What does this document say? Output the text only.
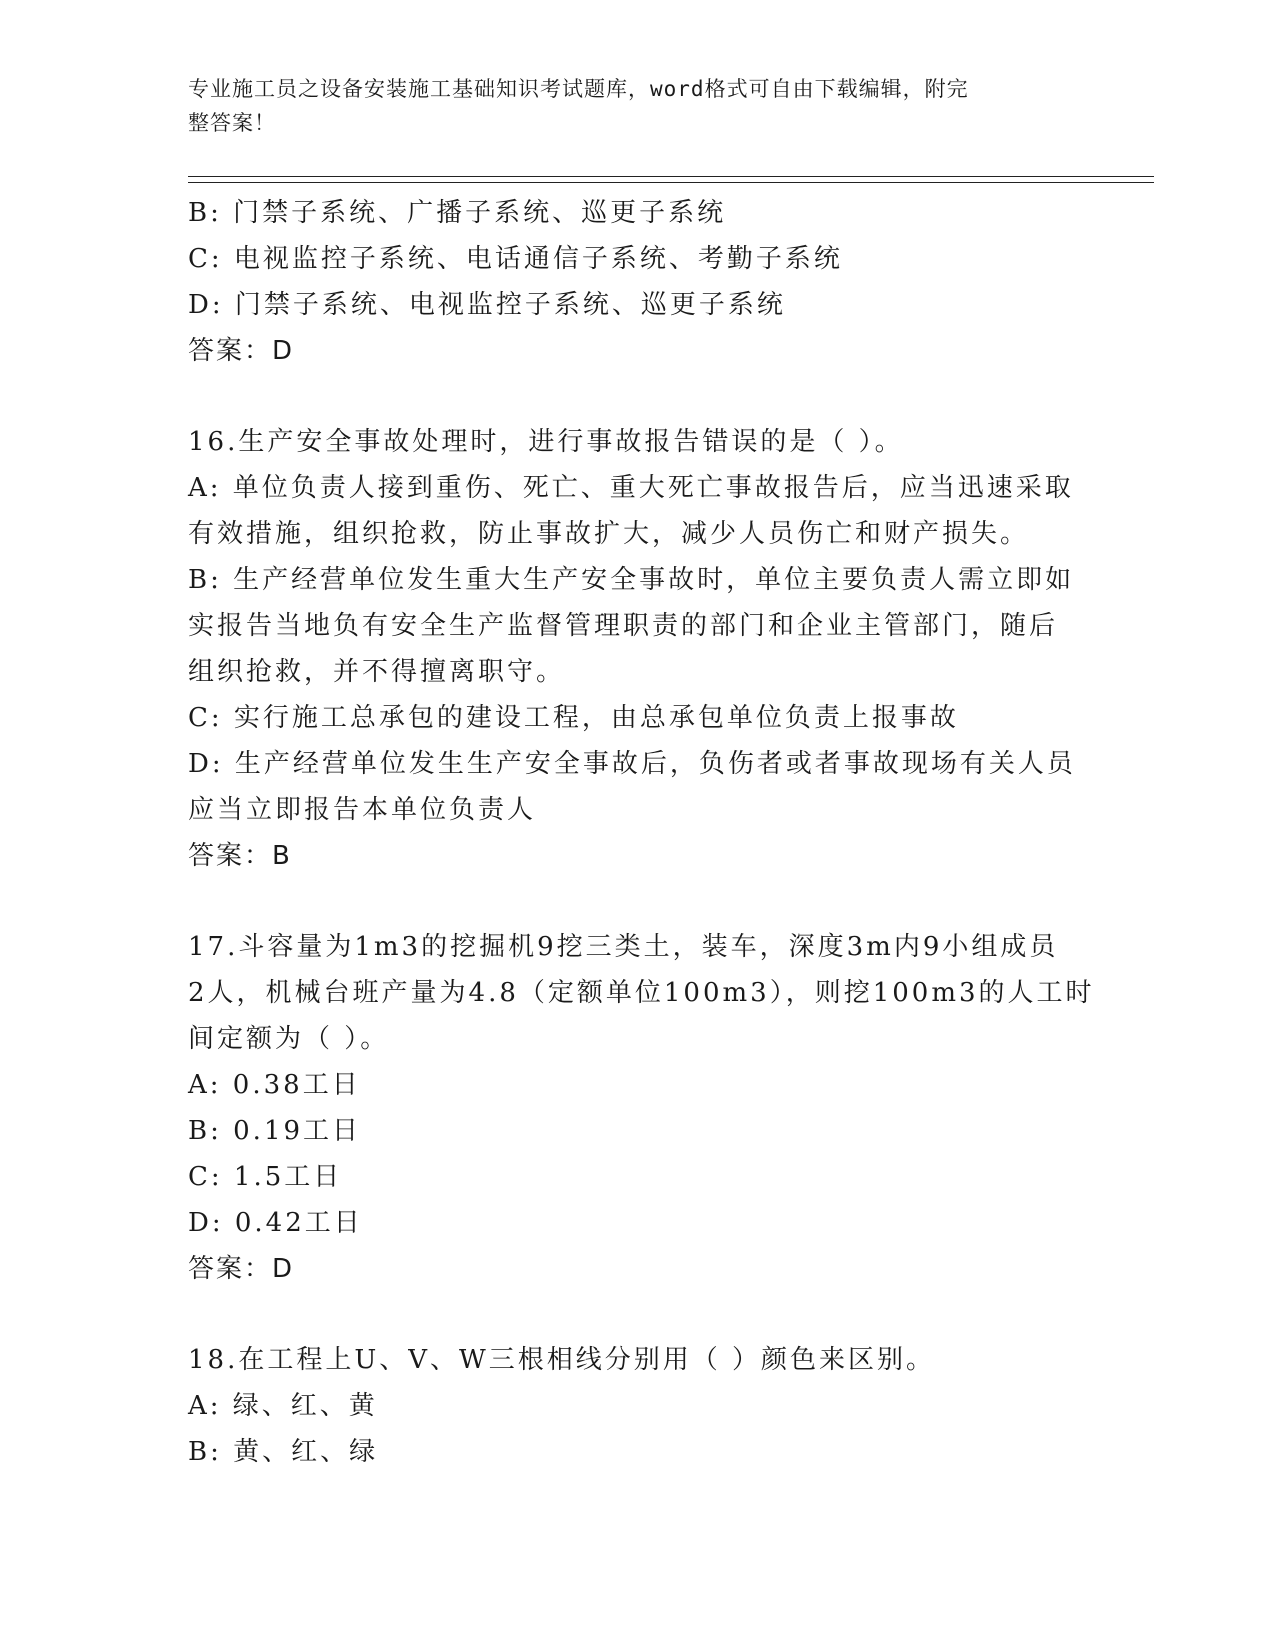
专业施工员之设备安装施工基础知识考试题库，word格式可自由下载编辑，附完
整答案！
B: 门禁子系统、广播子系统、巡更子系统
C: 电视监控子系统、电话通信子系统、考勤子系统
D: 门禁子系统、电视监控子系统、巡更子系统
答案：D
16.生产安全事故处理时，进行事故报告错误的是（ ）。
A: 单位负责人接到重伤、死亡、重大死亡事故报告后，应当迅速采取
有效措施，组织抢救，防止事故扩大，减少人员伤亡和财产损失。
B: 生产经营单位发生重大生产安全事故时，单位主要负责人需立即如
实报告当地负有安全生产监督管理职责的部门和企业主管部门，随后
组织抢救，并不得擅离职守。
C: 实行施工总承包的建设工程，由总承包单位负责上报事故
D: 生产经营单位发生生产安全事故后，负伤者或者事故现场有关人员
应当立即报告本单位负责人
答案：B
17.斗容量为1m3的挖掘机9挖三类土，装车，深度3m内9小组成员
2人，机械台班产量为4.8（定额单位100m3），则挖100m3的人工时
间定额为（ ）。
A: 0.38工日
B: 0.19工日
C: 1.5工日
D: 0.42工日
答案：D
18.在工程上U、V、W三根相线分别用（ ）颜色来区别。
A: 绿、红、黄
B: 黄、红、绿
